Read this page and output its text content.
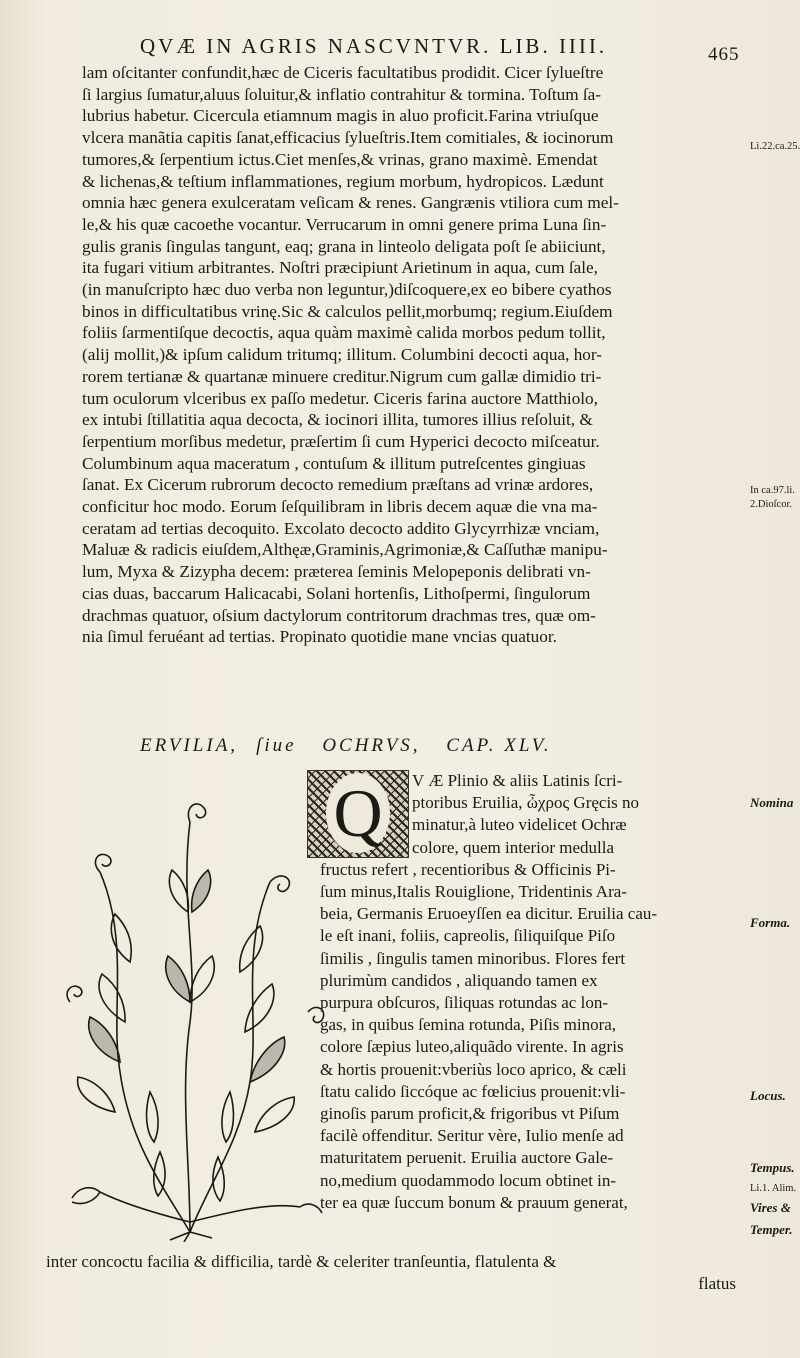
QVÆ IN AGRIS NASCVNTVR. LIB. IIII.	465
lam oſcitanter confundit,hæc de Ciceris facultatibus prodidit. Cicer ſylueſtre
ſi largius ſumatur,aluus ſoluitur,& inflatio contrahitur & tormina. Toſtum ſa-
lubrius habetur. Cicercula etiamnum magis in aluo proficit.Farina vtriuſque
vlcera manãtia capitis ſanat,efficacius ſylueſtris.Item comitiales, & iocinorum
tumores,& ſerpentium ictus.Ciet menſes,& vrinas, grano maximè. Emendat
& lichenas,& teſtium inflammationes, regium morbum, hydropicos. Lædunt
omnia hæc genera exulceratam veſicam & renes. Gangrænis vtiliora cum mel-
le,& his quæ cacoethe vocantur. Verrucarum in omni genere prima Luna ſin-
gulis granis ſingulas tangunt, eaq; grana in linteolo deligata poſt ſe abiiciunt,
ita fugari vitium arbitrantes. Noſtri præcipiunt Arietinum in aqua, cum ſale,
(in manuſcripto hæc duo verba non leguntur,)diſcoquere,ex eo bibere cyathos
binos in difficultatibus vrinę.Sic & calculos pellit,morbumq; regium.Eiuſdem
foliis ſarmentiſque decoctis, aqua quàm maximè calida morbos pedum tollit,
(alij mollit,)& ipſum calidum tritumq; illitum. Columbini decocti aqua, hor-
rorem tertianæ & quartanæ minuere creditur.Nigrum cum gallæ dimidio tri-
tum oculorum vlceribus ex paſſo medetur. Ciceris farina auctore Matthiolo,
ex intubi ſtillatitia aqua decocta, & iocinori illita, tumores illius reſoluit, &
ſerpentium morſibus medetur, præſertim ſi cum Hyperici decocto miſceatur.
Columbinum aqua maceratum , contuſum & illitum putreſcentes gingiuas
ſanat. Ex Cicerum rubrorum decocto remedium præſtans ad vrinæ ardores,
conficitur hoc modo. Eorum ſeſquilibram in libris decem aquæ die vna ma-
ceratam ad tertias decoquito. Excolato decocto addito Glycyrrhizæ vnciam,
Maluæ & radicis eiuſdem,Althęæ,Graminis,Agrimoniæ,& Caſſuthæ manipu-
lum, Myxa & Zizypha decem: præterea ſeminis Melopeponis delibrati vn-
cias duas, baccarum Halicacabi, Solani hortenſis, Lithoſpermi, ſingulorum
drachmas quatuor, oſsium dactylorum contritorum drachmas tres, quæ om-
nia ſimul feruéant ad tertias. Propinato quotidie mane vncias quatuor.
Li.22.ca.25.
In ca.97.li.
2.Dioſcor.
ERVILIA, ſiue OCHRVS, CAP. XLV.
Q	V Æ Plinio & aliis Latinis ſcri-
ptoribus Eruilia, ὦχρος Gręcis no
minatur,à luteo videlicet Ochræ
colore, quem interior medulla
fructus refert , recentioribus & Officinis Pi-
ſum minus,Italis Rouiglione, Tridentinis Ara-
beia, Germanis Eruoeyſſen ea dicitur. Eruilia cau-
le eſt inani, foliis, capreolis, ſiliquiſque Piſo
ſimilis , ſingulis tamen minoribus. Flores fert
plurimùm candidos , aliquando tamen ex
purpura obſcuros, ſiliquas rotundas ac lon-
gas, in quibus ſemina rotunda, Piſis minora,
colore ſæpius luteo,aliquãdo virente. In agris
& hortis prouenit:vberiùs loco aprico, & cæli
ſtatu calido ſiccóque ac fœlicius prouenit:vli-
ginoſis parum proficit,& frigoribus vt Piſum
facilè offenditur. Seritur vère, Iulio menſe ad
maturitatem peruenit. Eruilia auctore Gale-
no,medium quodammodo locum obtinet in-
ter ea quæ ſuccum bonum & prauum generat,
inter concoctu facilia & difficilia, tardè & celeriter tranſeuntia, flatulenta &
flatus
Nomina
Forma.
Locus.
Tempus.
Li.1. Alim.
Vires &
Temper.
